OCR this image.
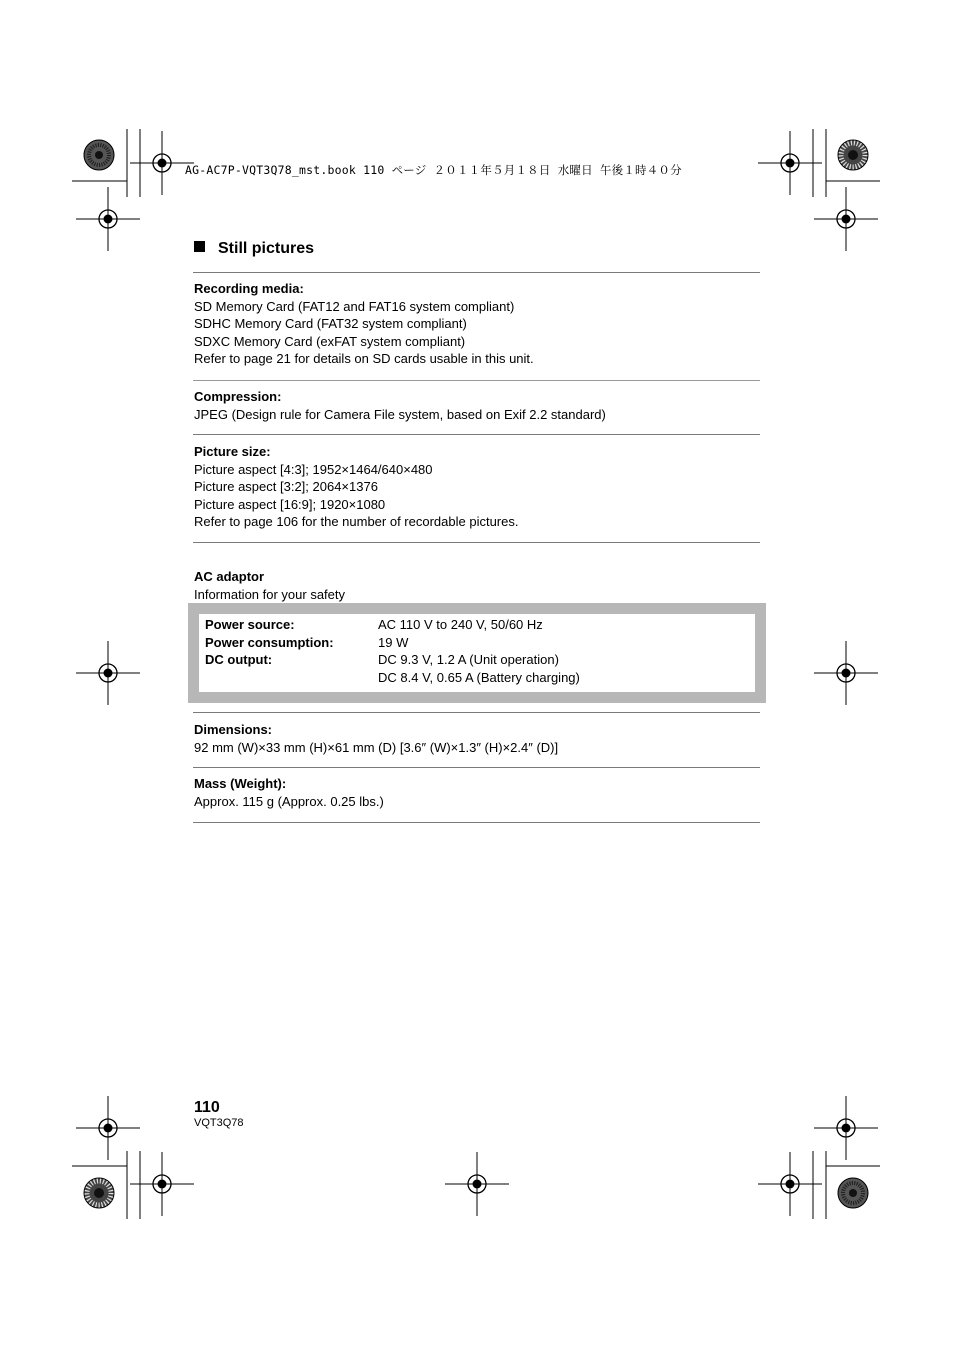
AG-AC7P-VQT3Q78_mst.book 110 ページ ２０１１年５月１８日 水曜日 午後１時４０分
Still pictures
Recording media:
SD Memory Card (FAT12 and FAT16 system compliant)
SDHC Memory Card (FAT32 system compliant)
SDXC Memory Card (exFAT system compliant)
Refer to page 21 for details on SD cards usable in this unit.
Compression:
JPEG (Design rule for Camera File system, based on Exif 2.2 standard)
Picture size:
Picture aspect [4:3]; 1952×1464/640×480
Picture aspect [3:2]; 2064×1376
Picture aspect [16:9]; 1920×1080
Refer to page 106 for the number of recordable pictures.
AC adaptor
Information for your safety
Power source:	AC 110 V to 240 V, 50/60 Hz
Power consumption:	19 W
DC output:	DC 9.3 V, 1.2 A (Unit operation)
	DC 8.4 V, 0.65 A (Battery charging)
Dimensions:
92 mm (W)×33 mm (H)×61 mm (D) [3.6″ (W)×1.3″ (H)×2.4″ (D)]
Mass (Weight):
Approx. 115 g (Approx. 0.25 lbs.)
110
VQT3Q78
